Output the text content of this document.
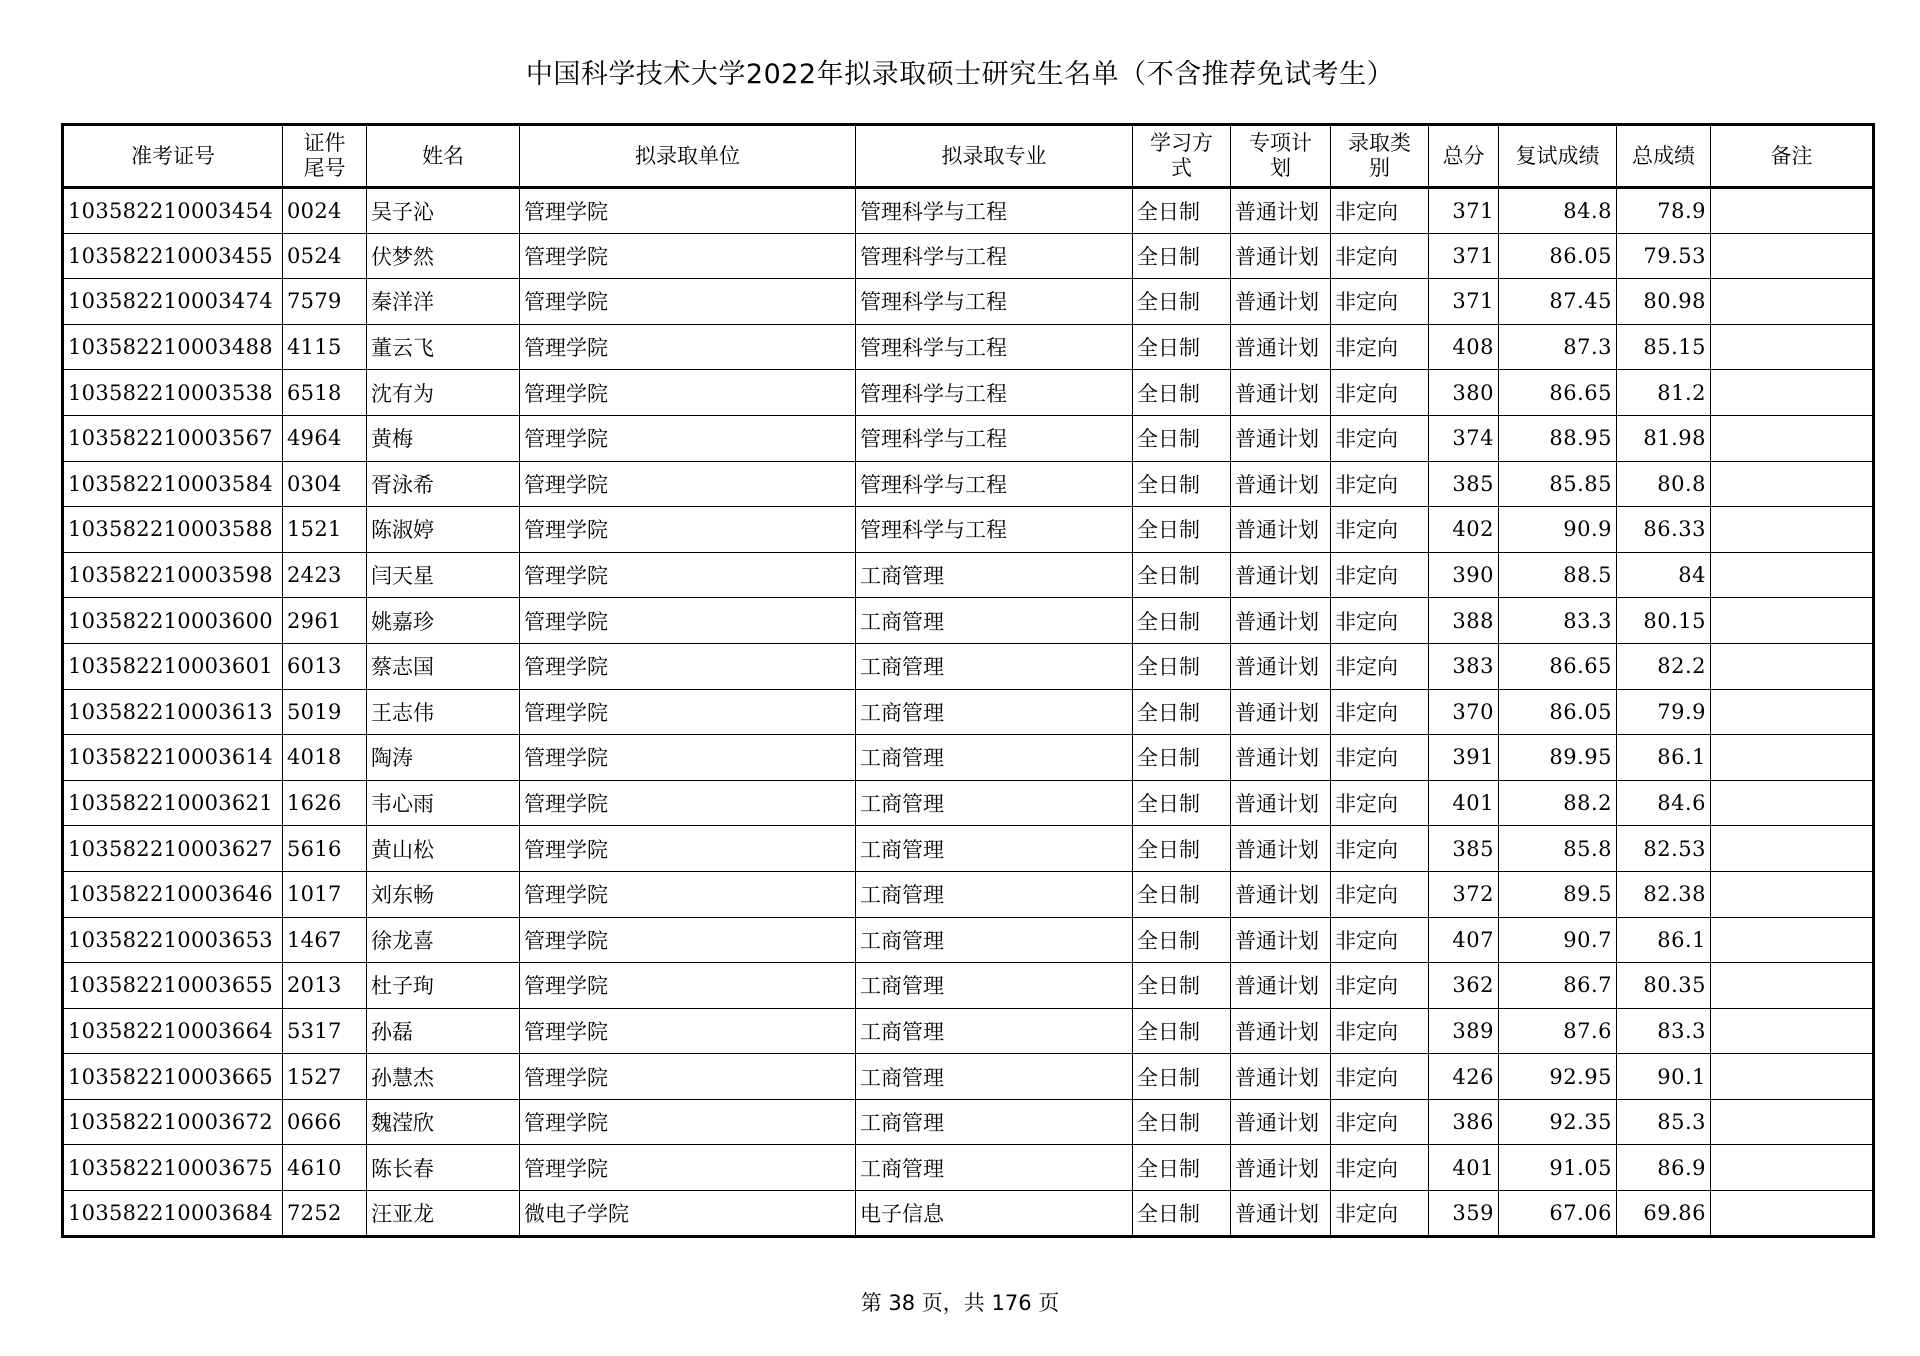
中国科学技术大学2022年拟录取硕士研究生名单（不含推荐免试考生）
准考证号	证件尾号	姓名	拟录取单位	拟录取专业	学习方式	专项计划	录取类别	总分	复试成绩	总成绩	备注
103582210003454	0024	吴子沁	管理学院	管理科学与工程	全日制	普通计划	非定向	371	84.8	78.9	
103582210003455	0524	伏梦然	管理学院	管理科学与工程	全日制	普通计划	非定向	371	86.05	79.53	
103582210003474	7579	秦洋洋	管理学院	管理科学与工程	全日制	普通计划	非定向	371	87.45	80.98	
103582210003488	4115	董云飞	管理学院	管理科学与工程	全日制	普通计划	非定向	408	87.3	85.15	
103582210003538	6518	沈有为	管理学院	管理科学与工程	全日制	普通计划	非定向	380	86.65	81.2	
103582210003567	4964	黄梅	管理学院	管理科学与工程	全日制	普通计划	非定向	374	88.95	81.98	
103582210003584	0304	胥泳希	管理学院	管理科学与工程	全日制	普通计划	非定向	385	85.85	80.8	
103582210003588	1521	陈淑婷	管理学院	管理科学与工程	全日制	普通计划	非定向	402	90.9	86.33	
103582210003598	2423	闫天星	管理学院	工商管理	全日制	普通计划	非定向	390	88.5	84	
103582210003600	2961	姚嘉珍	管理学院	工商管理	全日制	普通计划	非定向	388	83.3	80.15	
103582210003601	6013	蔡志国	管理学院	工商管理	全日制	普通计划	非定向	383	86.65	82.2	
103582210003613	5019	王志伟	管理学院	工商管理	全日制	普通计划	非定向	370	86.05	79.9	
103582210003614	4018	陶涛	管理学院	工商管理	全日制	普通计划	非定向	391	89.95	86.1	
103582210003621	1626	韦心雨	管理学院	工商管理	全日制	普通计划	非定向	401	88.2	84.6	
103582210003627	5616	黄山松	管理学院	工商管理	全日制	普通计划	非定向	385	85.8	82.53	
103582210003646	1017	刘东畅	管理学院	工商管理	全日制	普通计划	非定向	372	89.5	82.38	
103582210003653	1467	徐龙喜	管理学院	工商管理	全日制	普通计划	非定向	407	90.7	86.1	
103582210003655	2013	杜子珣	管理学院	工商管理	全日制	普通计划	非定向	362	86.7	80.35	
103582210003664	5317	孙磊	管理学院	工商管理	全日制	普通计划	非定向	389	87.6	83.3	
103582210003665	1527	孙慧杰	管理学院	工商管理	全日制	普通计划	非定向	426	92.95	90.1	
103582210003672	0666	魏滢欣	管理学院	工商管理	全日制	普通计划	非定向	386	92.35	85.3	
103582210003675	4610	陈长春	管理学院	工商管理	全日制	普通计划	非定向	401	91.05	86.9	
103582210003684	7252	汪亚龙	微电子学院	电子信息	全日制	普通计划	非定向	359	67.06	69.86	
第 38 页，共 176 页
